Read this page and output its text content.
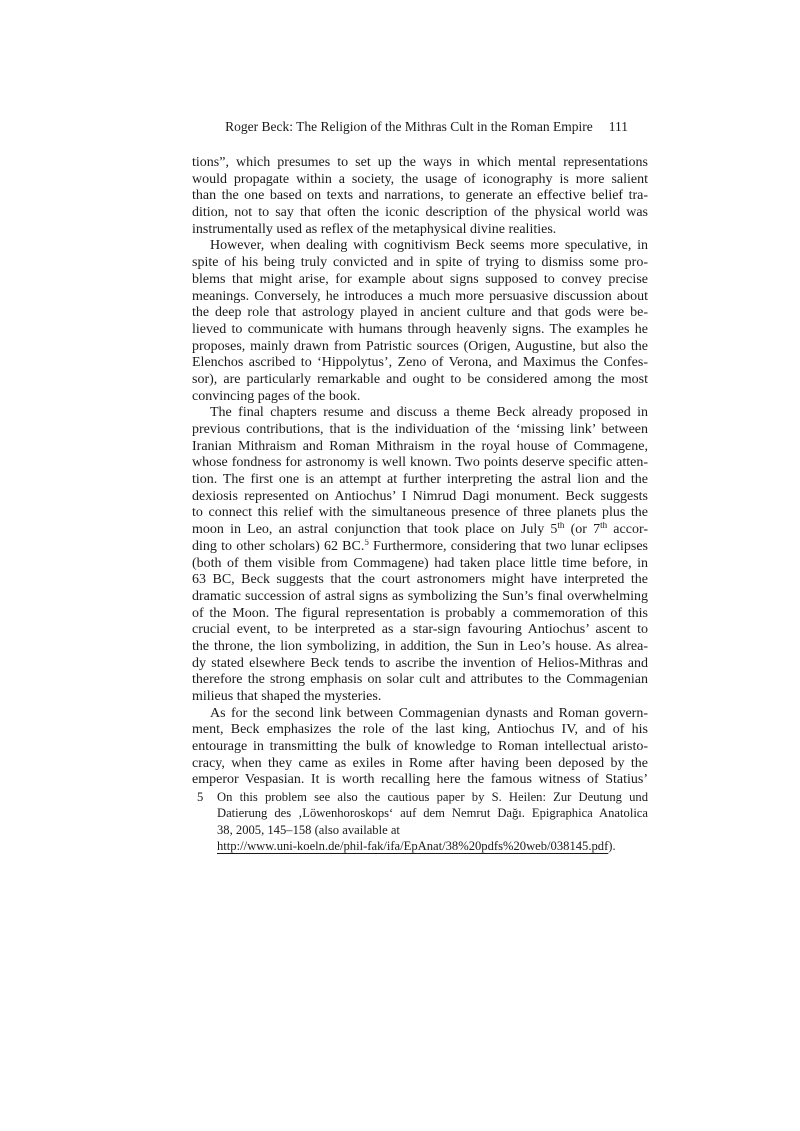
Roger Beck: The Religion of the Mithras Cult in the Roman Empire 111
tions”, which presumes to set up the ways in which mental representations
would propagate within a society, the usage of iconography is more salient
than the one based on texts and narrations, to generate an effective belief tra-
dition, not to say that often the iconic description of the physical world was
instrumentally used as reflex of the metaphysical divine realities.
However, when dealing with cognitivism Beck seems more speculative, in
spite of his being truly convicted and in spite of trying to dismiss some pro-
blems that might arise, for example about signs supposed to convey precise
meanings. Conversely, he introduces a much more persuasive discussion about
the deep role that astrology played in ancient culture and that gods were be-
lieved to communicate with humans through heavenly signs. The examples he
proposes, mainly drawn from Patristic sources (Origen, Augustine, but also the
Elenchos ascribed to ‘Hippolytus’, Zeno of Verona, and Maximus the Confes-
sor), are particularly remarkable and ought to be considered among the most
convincing pages of the book.
The final chapters resume and discuss a theme Beck already proposed in
previous contributions, that is the individuation of the ‘missing link’ between
Iranian Mithraism and Roman Mithraism in the royal house of Commagene,
whose fondness for astronomy is well known. Two points deserve specific atten-
tion. The first one is an attempt at further interpreting the astral lion and the
dexiosis represented on Antiochus’ I Nimrud Dagi monument. Beck suggests
to connect this relief with the simultaneous presence of three planets plus the
moon in Leo, an astral conjunction that took place on July 5th (or 7th accor-
ding to other scholars) 62 BC.$^5$ Furthermore, considering that two lunar eclipses
(both of them visible from Commagene) had taken place little time before, in
63 BC, Beck suggests that the court astronomers might have interpreted the
dramatic succession of astral signs as symbolizing the Sun’s final overwhelming
of the Moon. The figural representation is probably a commemoration of this
crucial event, to be interpreted as a star-sign favouring Antiochus’ ascent to
the throne, the lion symbolizing, in addition, the Sun in Leo’s house. As alrea-
dy stated elsewhere Beck tends to ascribe the invention of Helios-Mithras and
therefore the strong emphasis on solar cult and attributes to the Commagenian
milieus that shaped the mysteries.
As for the second link between Commagenian dynasts and Roman govern-
ment, Beck emphasizes the role of the last king, Antiochus IV, and of his
entourage in transmitting the bulk of knowledge to Roman intellectual aristo-
cracy, when they came as exiles in Rome after having been deposed by the
emperor Vespasian. It is worth recalling here the famous witness of Statius’
5 On this problem see also the cautious paper by S. Heilen: Zur Deutung und
Datierung des ‚Löwenhoroskops‘ auf dem Nemrut Dağı. Epigraphica Anatolica
38, 2005, 145–158 (also available at
http://www.uni-koeln.de/phil-fak/ifa/EpAnat/38%20pdfs%20web/038145.pdf).
